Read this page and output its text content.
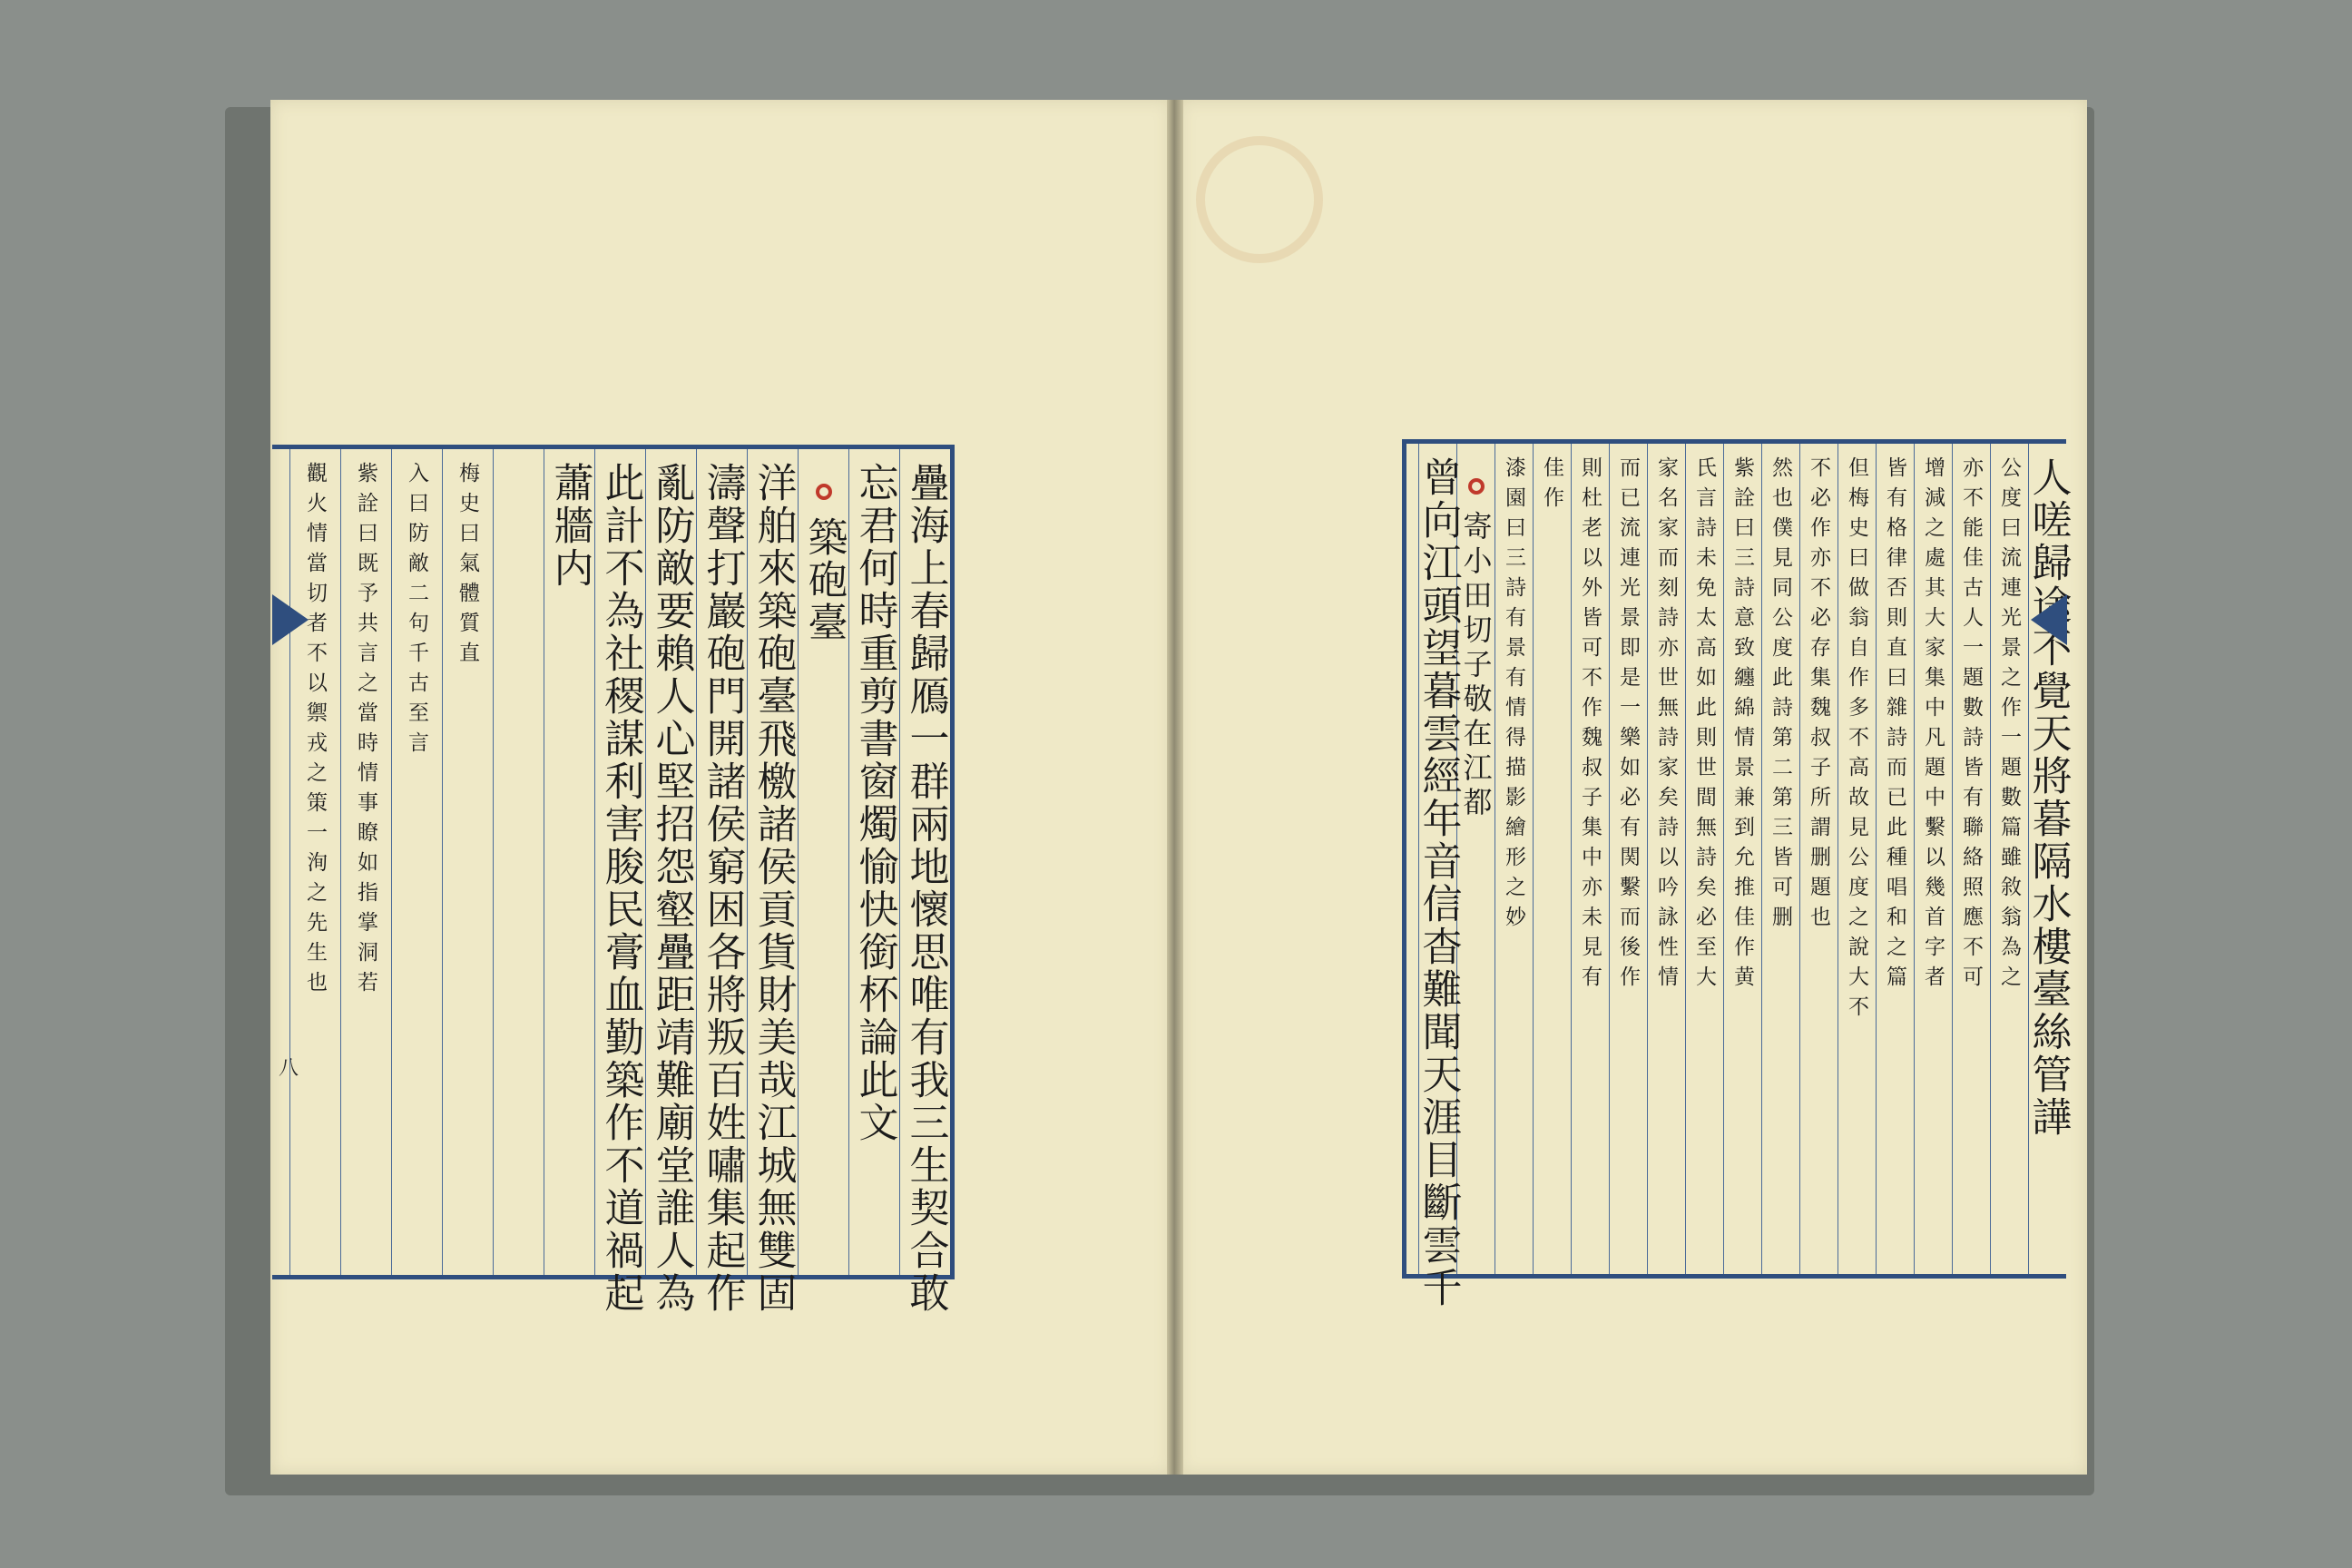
疊海上春歸鴈一群兩地懷思唯有我三生契合敢
忘君何時重剪書窗燭愉快銜杯論此文
築砲臺
洋舶來築砲臺飛檄諸侯貢貨財美哉江城無雙固
濤聲打巖砲門開諸侯窮困各將叛百姓嘯集起作
亂防敵要賴人心堅招怨壑疊距靖難廟堂誰人為
此計不為社稷謀利害朘民膏血勤築作不道禍起
蕭牆内
梅史曰氣體質直
入曰防敵二句千古至言
紫詮曰既予共言之當時情事瞭如指掌洞若
觀火情當切者不以禦戎之策一洵之先生也	人嗟歸途不覺天將暮隔水樓臺絲管譁
公度曰流連光景之作一題數篇雖敘翁為之
亦不能佳古人一題數詩皆有聯絡照應不可
增減之處其大家集中凡題中繫以幾首字者
皆有格律否則直曰雜詩而已此種唱和之篇
但梅史曰做翁自作多不高故見公度之說大不
不必作亦不必存集魏叔子所謂删題也
然也僕見同公度此詩第二第三皆可删
紫詮曰三詩意致纏綿情景兼到允推佳作黄
氏言詩未免太高如此則世間無詩矣必至大
家名家而刻詩亦世無詩家矣詩以吟詠性情
而已流連光景即是一樂如必有関繫而後作
則杜老以外皆可不作魏叔子集中亦未見有
佳作
漆園曰三詩有景有情得描影繪形之妙
寄小田切子敬在江都
曾向江頭望暮雲經年音信杳難聞天涯目斷雲千
八
